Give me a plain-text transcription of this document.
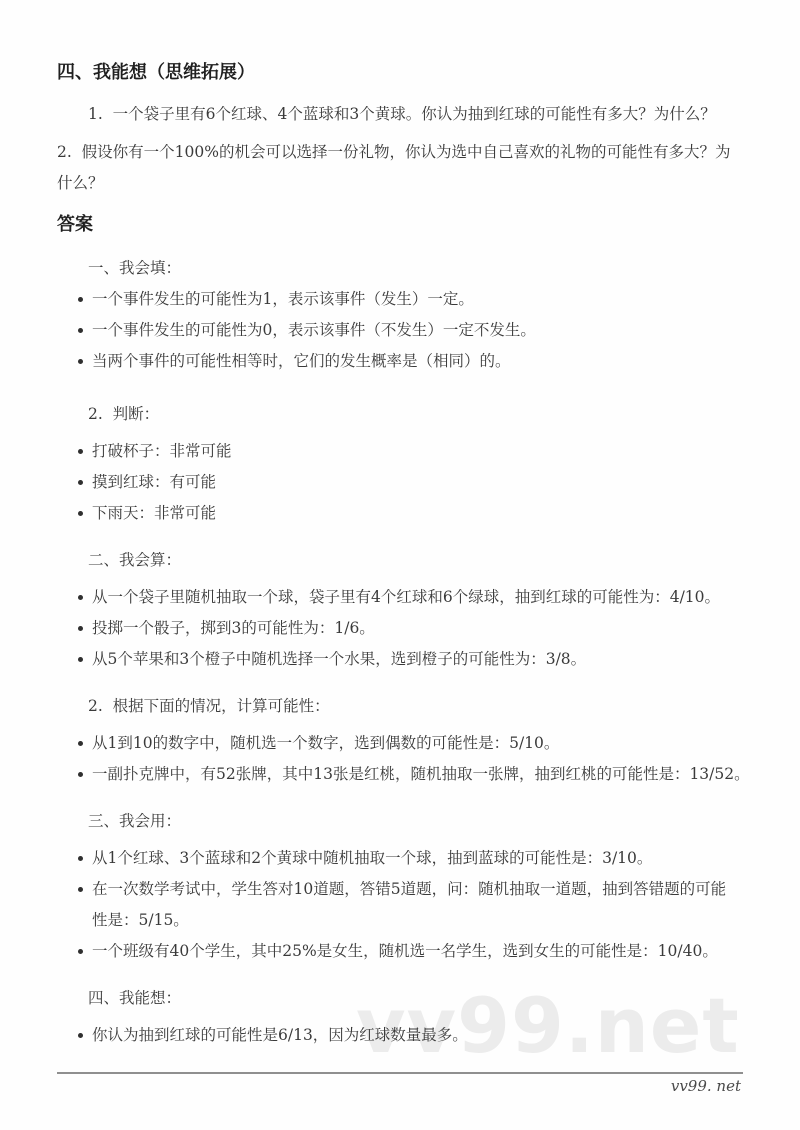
vv99.net
四、我能想（思维拓展）

1.  一个袋子里有6个红球、4个蓝球和3个黄球。你认为抽到红球的可能性有多大？为什么？

2.  假设你有一个100%的机会可以选择一份礼物，你认为选中自己喜欢的礼物的可能性有多大？为
什么？

答案

一、我会填：

一个事件发生的可能性为1，表示该事件（发生）一定。
一个事件发生的可能性为0，表示该事件（不发生）一定不发生。
当两个事件的可能性相等时，它们的发生概率是（相同）的。

2.  判断：

打破杯子：非常可能
摸到红球：有可能
下雨天：非常可能

二、我会算：

从一个袋子里随机抽取一个球，袋子里有4个红球和6个绿球，抽到红球的可能性为：4/10。
投掷一个骰子，掷到3的可能性为：1/6。
从5个苹果和3个橙子中随机选择一个水果，选到橙子的可能性为：3/8。

2.  根据下面的情况，计算可能性：

从1到10的数字中，随机选一个数字，选到偶数的可能性是：5/10。
一副扑克牌中，有52张牌，其中13张是红桃，随机抽取一张牌，抽到红桃的可能性是：13/52。

三、我会用：

从1个红球、3个蓝球和2个黄球中随机抽取一个球，抽到蓝球的可能性是：3/10。
在一次数学考试中，学生答对10道题，答错5道题，问：随机抽取一道题，抽到答错题的可能
性是：5/15。
一个班级有40个学生，其中25%是女生，随机选一名学生，选到女生的可能性是：10/40。

四、我能想：

你认为抽到红球的可能性是6/13，因为红球数量最多。
vv99. net
